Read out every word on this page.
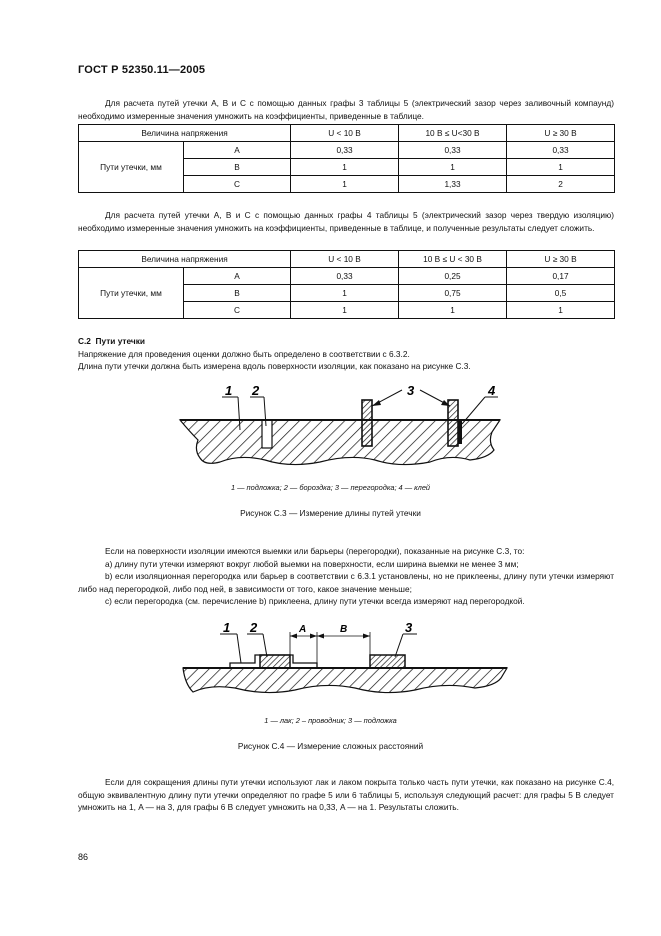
ГОСТ Р 52350.11—2005

Для расчета путей утечки A, B и C с помощью данных графы 3 таблицы 5 (электрический зазор через заливочный компаунд) необходимо измеренные значения умножить на коэффициенты, приведенные в таблице.

Величина напряжения		U < 10 В	10 В ≤ U<30 В	U ≥ 30 В
Пути утечки, мм	A	0,33	0,33	0,33
	B	1	1	1
	C	1	1,33	2

Для расчета путей утечки A, B и C с помощью данных графы 4 таблицы 5 (электрический зазор через твердую изоляцию) необходимо измеренные значения умножить на коэффициенты, приведенные в таблице, и полученные результаты следует сложить.

Величина напряжения		U < 10 В	10 В ≤ U < 30 В	U ≥ 30 В
Пути утечки, мм	A	0,33	0,25	0,17
	B	1	0,75	0,5
	C	1	1	1

С.2 Пути утечки

Напряжение для проведения оценки должно быть определено в соответствии с 6.3.2.

Длина пути утечки должна быть измерена вдоль поверхности изоляции, как показано на рисунке С.3.

1 2	3	4
1 — подложка; 2 — бороздка; 3 — перегородка; 4 — клей
Рисунок С.3 — Измерение длины путей утечки

Если на поверхности изоляции имеются выемки или барьеры (перегородки), показанные на рисунке С.3, то:

а) длину пути утечки измеряют вокруг любой выемки на поверхности, если ширина выемки не менее 3 мм;

b) если изоляционная перегородка или барьер в соответствии с 6.3.1 установлены, но не приклеены, длину пути утечки измеряют либо над перегородкой, либо под ней, в зависимости от того, какое значение меньше;

c) если перегородка (см. перечисление b) приклеена, длину пути утечки всегда измеряют над перегородкой.

A	B
1 2	3
1 — лак; 2 – проводник; 3 — подложка
Рисунок С.4 — Измерение сложных расстояний

Если для сокращения длины пути утечки используют лак и лаком покрыта только часть пути утечки, как показано на рисунке С.4, общую эквивалентную длину пути утечки определяют по графе 5 или 6 таблицы 5, используя следующий расчет: для графы 5 В следует умножить на 1, A — на 3, для графы 6 В следует умножить на 0,33, A — на 1. Результаты сложить.

86
